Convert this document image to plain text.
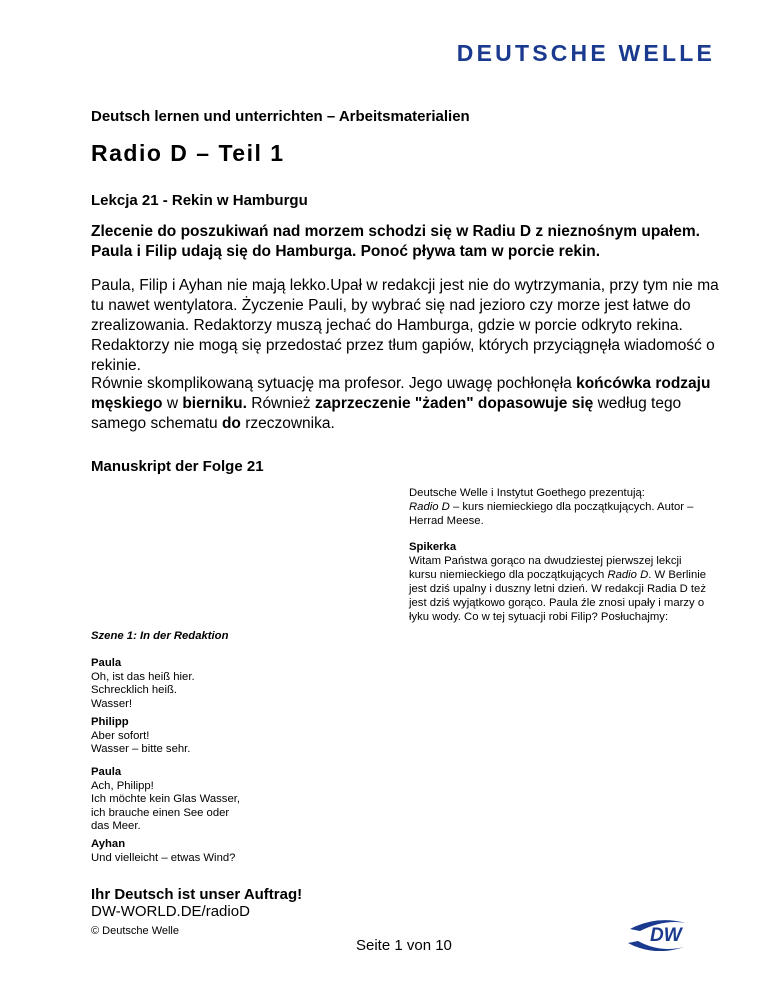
DEUTSCHE WELLE
Deutsch lernen und unterrichten – Arbeitsmaterialien
Radio D – Teil 1
Lekcja 21 - Rekin w Hamburgu
Zlecenie do poszukiwań nad morzem schodzi się w Radiu D z nieznośnym upałem. Paula i Filip udają się do Hamburga. Ponoć pływa tam w porcie rekin.
Paula, Filip i Ayhan nie mają lekko.Upał w redakcji jest nie do wytrzymania, przy tym nie ma tu nawet wentylatora. Życzenie Pauli, by wybrać się nad jezioro czy morze jest łatwe do zrealizowania. Redaktorzy muszą jechać do Hamburga, gdzie w porcie odkryto rekina. Redaktorzy nie mogą się przedostać przez tłum gapiów, których przyciągnęła wiadomość o rekinie.
Równie skomplikowaną sytuację ma profesor. Jego uwagę pochłonęła końcówka rodzaju męskiego w bierniku. Również zaprzeczenie "żaden" dopasowuje się według tego samego schematu do rzeczownika.
Manuskript der Folge 21
Deutsche Welle i Instytut Goethego prezentują:
Radio D – kurs niemieckiego dla początkujących. Autor – Herrad Meese.
Spikerka
Witam Państwa gorąco na dwudziestej pierwszej lekcji kursu niemieckiego dla początkujących Radio D. W Berlinie jest dziś upalny i duszny letni dzień. W redakcji Radia D też jest dziś wyjątkowo gorąco. Paula źle znosi upały i marzy o łyku wody. Co w tej sytuacji robi Filip? Posłuchajmy:
Szene 1: In der Redaktion
Paula
Oh, ist das heiß hier.
Schrecklich heiß.
Wasser!
Philipp
Aber sofort!
Wasser – bitte sehr.
Paula
Ach, Philipp!
Ich möchte kein Glas Wasser,
ich brauche einen See oder
das Meer.
Ayhan
Und vielleicht – etwas Wind?
Ihr Deutsch ist unser Auftrag!
DW-WORLD.DE/radioD
© Deutsche Welle
Seite 1 von 10	DW
